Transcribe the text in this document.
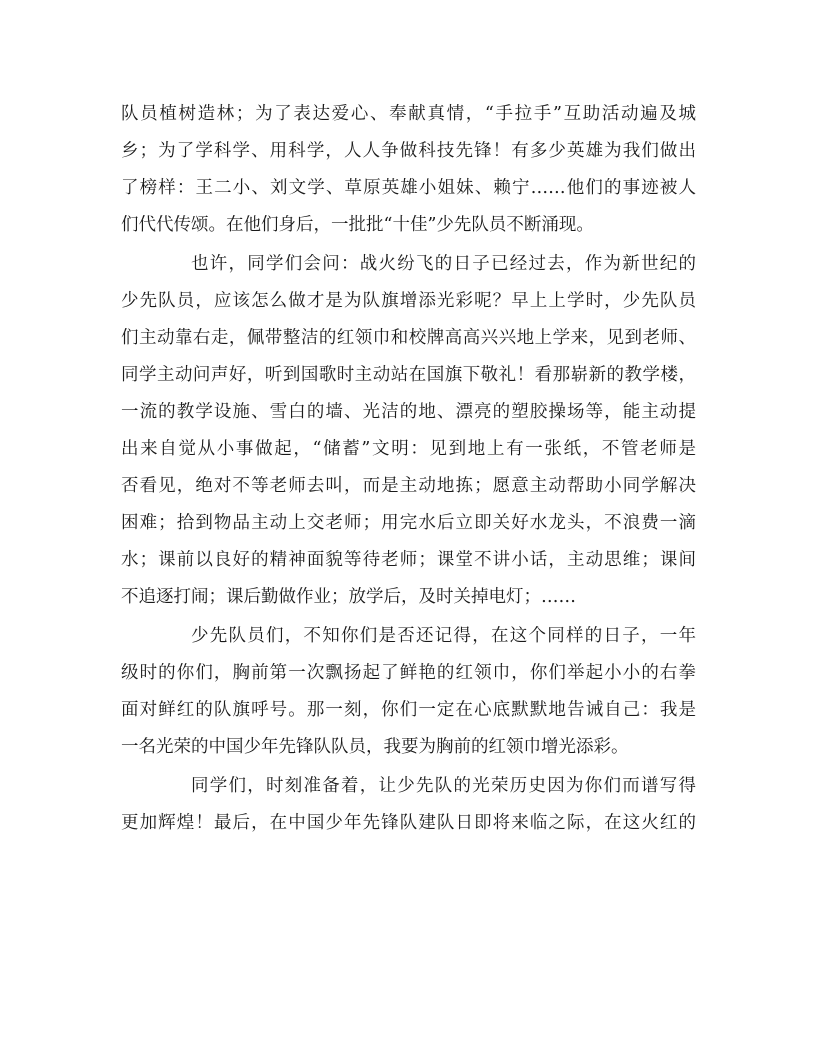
队员植树造林；为了表达爱心、奉献真情，“手拉手”互助活动遍及城
乡；为了学科学、用科学，人人争做科技先锋！有多少英雄为我们做出
了榜样：王二小、刘文学、草原英雄小姐妹、赖宁……他们的事迹被人
们代代传颂。在他们身后，一批批“十佳”少先队员不断涌现。
也许，同学们会问：战火纷飞的日子已经过去，作为新世纪的
少先队员，应该怎么做才是为队旗增添光彩呢？早上上学时，少先队员
们主动靠右走，佩带整洁的红领巾和校牌高高兴兴地上学来，见到老师、
同学主动问声好，听到国歌时主动站在国旗下敬礼！看那崭新的教学楼，
一流的教学设施、雪白的墙、光洁的地、漂亮的塑胶操场等，能主动提
出来自觉从小事做起，“储蓄”文明：见到地上有一张纸，不管老师是
否看见，绝对不等老师去叫，而是主动地拣；愿意主动帮助小同学解决
困难；拾到物品主动上交老师；用完水后立即关好水龙头，不浪费一滴
水；课前以良好的精神面貌等待老师；课堂不讲小话，主动思维；课间
不追逐打闹；课后勤做作业；放学后，及时关掉电灯；……
少先队员们，不知你们是否还记得，在这个同样的日子，一年
级时的你们，胸前第一次飘扬起了鲜艳的红领巾，你们举起小小的右拳
面对鲜红的队旗呼号。那一刻，你们一定在心底默默地告诫自己：我是
一名光荣的中国少年先锋队队员，我要为胸前的红领巾增光添彩。
同学们，时刻准备着，让少先队的光荣历史因为你们而谱写得
更加辉煌！最后，在中国少年先锋队建队日即将来临之际，在这火红的
